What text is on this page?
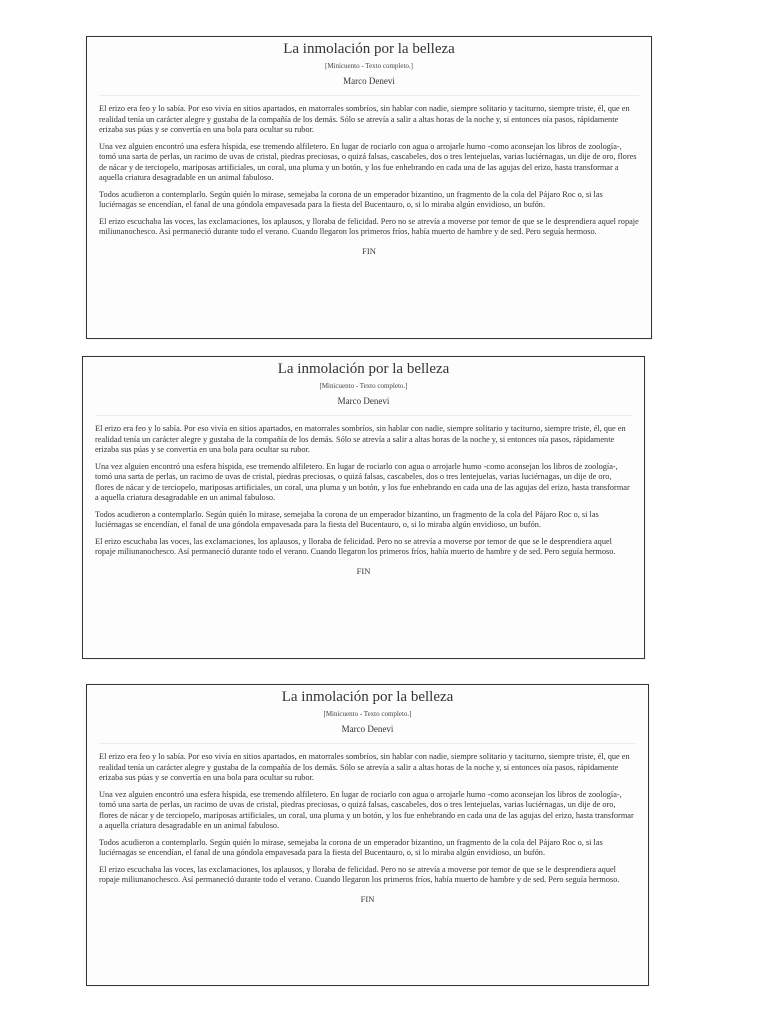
La inmolación por la belleza
[Minicuento - Texto completo.]
Marco Denevi

El erizo era feo y lo sabía. Por eso vivía en sitios apartados, en matorrales sombríos, sin hablar con nadie, siempre solitario y taciturno, siempre triste, él, que en realidad tenía un carácter alegre y gustaba de la compañía de los demás. Sólo se atrevía a salir a altas horas de la noche y, si entonces oía pasos, rápidamente erizaba sus púas y se convertía en una bola para ocultar su rubor.

Una vez alguien encontró una esfera híspida, ese tremendo alfiletero. En lugar de rociarlo con agua o arrojarle humo -como aconsejan los libros de zoología-, tomó una sarta de perlas, un racimo de uvas de cristal, piedras preciosas, o quizá falsas, cascabeles, dos o tres lentejuelas, varias luciérnagas, un dije de oro, flores de nácar y de terciopelo, mariposas artificiales, un coral, una pluma y un botón, y los fue enhebrando en cada una de las agujas del erizo, hasta transformar a aquella criatura desagradable en un animal fabuloso.

Todos acudieron a contemplarlo. Según quién lo mirase, semejaba la corona de un emperador bizantino, un fragmento de la cola del Pájaro Roc o, si las luciérnagas se encendían, el fanal de una góndola empavesada para la fiesta del Bucentauro, o, si lo miraba algún envidioso, un bufón.

El erizo escuchaba las voces, las exclamaciones, los aplausos, y lloraba de felicidad. Pero no se atrevía a moverse por temor de que se le desprendiera aquel ropaje miliunanochesco. Así permaneció durante todo el verano. Cuando llegaron los primeros fríos, había muerto de hambre y de sed. Pero seguía hermoso.

FIN
La inmolación por la belleza
[Minicuento - Texto completo.]
Marco Denevi

El erizo era feo y lo sabía. Por eso vivía en sitios apartados, en matorrales sombríos, sin hablar con nadie, siempre solitario y taciturno, siempre triste, él, que en realidad tenía un carácter alegre y gustaba de la compañía de los demás. Sólo se atrevía a salir a altas horas de la noche y, si entonces oía pasos, rápidamente erizaba sus púas y se convertía en una bola para ocultar su rubor.

Una vez alguien encontró una esfera híspida, ese tremendo alfiletero. En lugar de rociarlo con agua o arrojarle humo -como aconsejan los libros de zoología-, tomó una sarta de perlas, un racimo de uvas de cristal, piedras preciosas, o quizá falsas, cascabeles, dos o tres lentejuelas, varias luciérnagas, un dije de oro, flores de nácar y de terciopelo, mariposas artificiales, un coral, una pluma y un botón, y los fue enhebrando en cada una de las agujas del erizo, hasta transformar a aquella criatura desagradable en un animal fabuloso.

Todos acudieron a contemplarlo. Según quién lo mirase, semejaba la corona de un emperador bizantino, un fragmento de la cola del Pájaro Roc o, si las luciérnagas se encendían, el fanal de una góndola empavesada para la fiesta del Bucentauro, o, si lo miraba algún envidioso, un bufón.

El erizo escuchaba las voces, las exclamaciones, los aplausos, y lloraba de felicidad. Pero no se atrevía a moverse por temor de que se le desprendiera aquel ropaje miliunanochesco. Así permaneció durante todo el verano. Cuando llegaron los primeros fríos, había muerto de hambre y de sed. Pero seguía hermoso.

FIN
La inmolación por la belleza
[Minicuento - Texto completo.]
Marco Denevi

El erizo era feo y lo sabía. Por eso vivía en sitios apartados, en matorrales sombríos, sin hablar con nadie, siempre solitario y taciturno, siempre triste, él, que en realidad tenía un carácter alegre y gustaba de la compañía de los demás. Sólo se atrevía a salir a altas horas de la noche y, si entonces oía pasos, rápidamente erizaba sus púas y se convertía en una bola para ocultar su rubor.

Una vez alguien encontró una esfera híspida, ese tremendo alfiletero. En lugar de rociarlo con agua o arrojarle humo -como aconsejan los libros de zoología-, tomó una sarta de perlas, un racimo de uvas de cristal, piedras preciosas, o quizá falsas, cascabeles, dos o tres lentejuelas, varias luciérnagas, un dije de oro, flores de nácar y de terciopelo, mariposas artificiales, un coral, una pluma y un botón, y los fue enhebrando en cada una de las agujas del erizo, hasta transformar a aquella criatura desagradable en un animal fabuloso.

Todos acudieron a contemplarlo. Según quién lo mirase, semejaba la corona de un emperador bizantino, un fragmento de la cola del Pájaro Roc o, si las luciérnagas se encendían, el fanal de una góndola empavesada para la fiesta del Bucentauro, o, si lo miraba algún envidioso, un bufón.

El erizo escuchaba las voces, las exclamaciones, los aplausos, y lloraba de felicidad. Pero no se atrevía a moverse por temor de que se le desprendiera aquel ropaje miliunanochesco. Así permaneció durante todo el verano. Cuando llegaron los primeros fríos, había muerto de hambre y de sed. Pero seguía hermoso.

FIN
